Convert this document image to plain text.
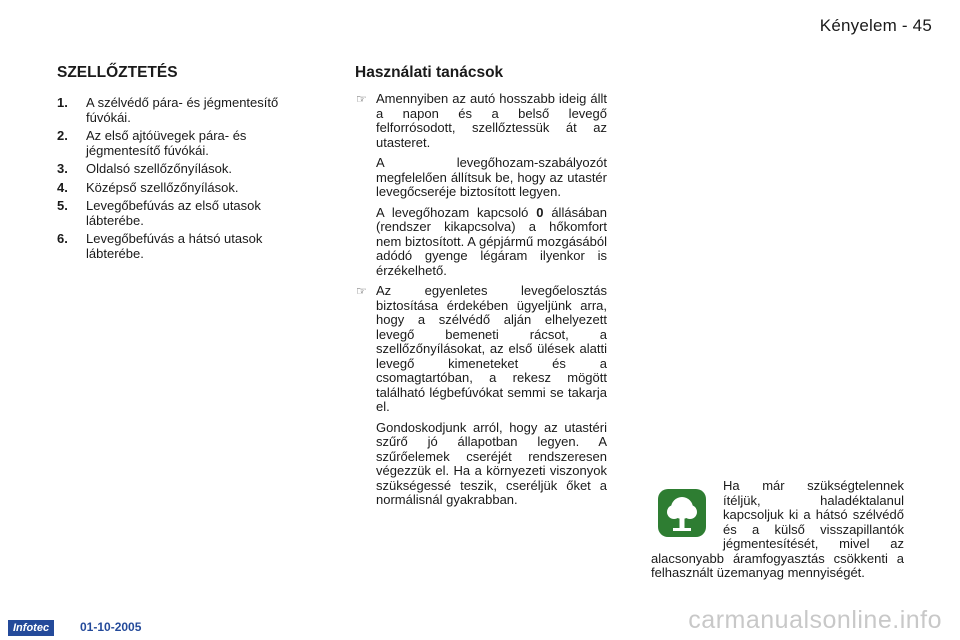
Kényelem - 45
SZELLŐZTETÉS
1. A szélvédő pára- és jégmentesítő fúvókái.
2. Az első ajtóüvegek pára- és jégmentesítő fúvókái.
3. Oldalsó szellőzőnyílások.
4. Középső szellőzőnyílások.
5. Levegőbefúvás az első utasok lábterébe.
6. Levegőbefúvás a hátsó utasok lábterébe.
Használati tanácsok
☞ Amennyiben az autó hosszabb ideig állt a napon és a belső levegő felforrósodott, szellőztessük át az utasteret.

A levegőhozam-szabályozót megfelelően állítsuk be, hogy az utastér levegőcseréje biztosított legyen.

A levegőhozam kapcsoló 0 állásában (rendszer kikapcsolva) a hőkomfort nem biztosított. A gépjármű mozgásából adódó gyenge légáram ilyenkor is érzékelhető.

☞ Az egyenletes levegőelosztás biztosítása érdekében ügyeljünk arra, hogy a szélvédő alján elhelyezett levegő bemeneti rácsot, a szellőzőnyílásokat, az első ülések alatti levegő kimeneteket és a csomagtartóban, a rekesz mögött található légbefúvókat semmi se takarja el.

Gondoskodjunk arról, hogy az utastéri szűrő jó állapotban legyen. A szűrőelemek cseréjét rendszeresen végezzük el. Ha a környezeti viszonyok szükségessé teszik, cseréljük őket a normálisnál gyakrabban.

Ha már szükségtelennek ítéljük, haladéktalanul kapcsoljuk ki a hátsó szélvédő és a külső visszapillantók jégmentesítését, mivel az alacsonyabb áramfogyasztás csökkenti a felhasznált üzemanyag mennyiségét.
Infotec	01-10-2005	carmanualsonline.info
